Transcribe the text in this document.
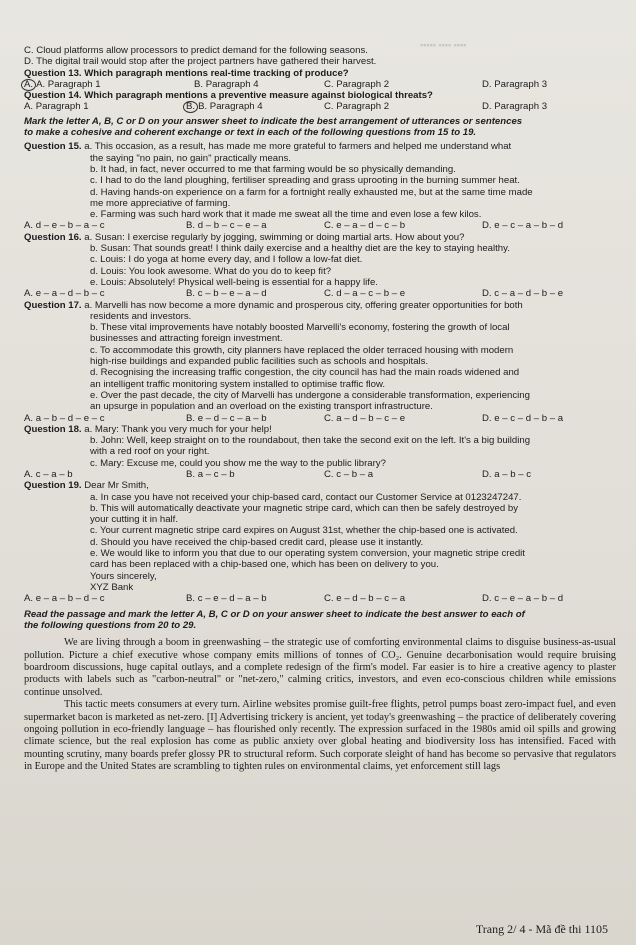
▪▪▪▪▪ ▪▪▪▪ ▪▪▪▪
C. Cloud platforms allow processors to predict demand for the following seasons.
D. The digital trail would stop after the project partners have gathered their harvest.
Question 13. Which paragraph mentions real-time tracking of produce?
A. A. Paragraph 1	B. Paragraph 4	C. Paragraph 2	D. Paragraph 3
Question 14. Which paragraph mentions a preventive measure against biological threats?
A. Paragraph 1	B. B. Paragraph 4	C. Paragraph 2	D. Paragraph 3
Mark the letter A, B, C or D on your answer sheet to indicate the best arrangement of utterances or sentences
to make a cohesive and coherent exchange or text in each of the following questions from 15 to 19.
Question 15. a. This occasion, as a result, has made me more grateful to farmers and helped me understand what
the saying "no pain, no gain" practically means.
b. It had, in fact, never occurred to me that farming would be so physically demanding.
c. I had to do the land ploughing, fertiliser spreading and grass uprooting in the burning summer heat.
d. Having hands-on experience on a farm for a fortnight really exhausted me, but at the same time made
me more appreciative of farming.
e. Farming was such hard work that it made me sweat all the time and even lose a few kilos.
A. d – e – b – a – c	B. d – b – c – e – a	C. e – a – d – c – b	D. e – c – a – b – d
Question 16. a. Susan: I exercise regularly by jogging, swimming or doing martial arts. How about you?
b. Susan: That sounds great! I think daily exercise and a healthy diet are the key to staying healthy.
c. Louis: I do yoga at home every day, and I follow a low-fat diet.
d. Louis: You look awesome. What do you do to keep fit?
e. Louis: Absolutely! Physical well-being is essential for a happy life.
A. e – a – d – b – c	B. c – b – e – a – d	C. d – a – c – b – e	D. c – a – d – b – e
Question 17. a. Marvelli has now become a more dynamic and prosperous city, offering greater opportunities for both
residents and investors.
b. These vital improvements have notably boosted Marvelli's economy, fostering the growth of local
businesses and attracting foreign investment.
c. To accommodate this growth, city planners have replaced the older terraced housing with modern
high-rise buildings and expanded public facilities such as schools and hospitals.
d. Recognising the increasing traffic congestion, the city council has had the main roads widened and
an intelligent traffic monitoring system installed to optimise traffic flow.
e. Over the past decade, the city of Marvelli has undergone a considerable transformation, experiencing
an upsurge in population and an overload on the existing transport infrastructure.
A. a – b – d – e – c	B. e – d – c – a – b	C. a – d – b – c – e	D. e – c – d – b – a
Question 18. a. Mary: Thank you very much for your help!
b. John: Well, keep straight on to the roundabout, then take the second exit on the left. It's a big building
with a red roof on your right.
c. Mary: Excuse me, could you show me the way to the public library?
A. c – a – b	B. a – c – b	C. c – b – a	D. a – b – c
Question 19. Dear Mr Smith,
a. In case you have not received your chip-based card, contact our Customer Service at 0123247247.
b. This will automatically deactivate your magnetic stripe card, which can then be safely destroyed by
your cutting it in half.
c. Your current magnetic stripe card expires on August 31st, whether the chip-based one is activated.
d. Should you have received the chip-based credit card, please use it instantly.
e. We would like to inform you that due to our operating system conversion, your magnetic stripe credit
card has been replaced with a chip-based one, which has been on delivery to you.
Yours sincerely,
XYZ Bank
A. e – a – b – d – c	B. c – e – d – a – b	C. e – d – b – c – a	D. c – e – a – b – d
Read the passage and mark the letter A, B, C or D on your answer sheet to indicate the best answer to each of
the following questions from 20 to 29.
We are living through a boom in greenwashing – the strategic use of comforting environmental claims to disguise business-as-usual pollution. Picture a chief executive whose company emits millions of tonnes of CO₂. Genuine decarbonisation would require bruising boardroom discussions, huge capital outlays, and a complete redesign of the firm's model. Far easier is to hire a creative agency to plaster products with labels such as "carbon-neutral" or "net-zero," calming critics, investors, and even eco-conscious children while emissions continue unsolved.
This tactic meets consumers at every turn. Airline websites promise guilt-free flights, petrol pumps boast zero-impact fuel, and even supermarket bacon is marketed as net-zero. [I] Advertising trickery is ancient, yet today's greenwashing – the practice of deliberately covering ongoing pollution in eco-friendly language – has flourished only recently. The expression surfaced in the 1980s amid oil spills and growing climate science, but the real explosion has come as public anxiety over global heating and biodiversity loss has intensified. Faced with mounting scrutiny, many boards prefer glossy PR to structural reform. Such corporate sleight of hand has become so pervasive that regulators in Europe and the United States are scrambling to tighten rules on environmental claims, yet enforcement still lags
Trang 2/ 4 - Mã đề thi 1105
